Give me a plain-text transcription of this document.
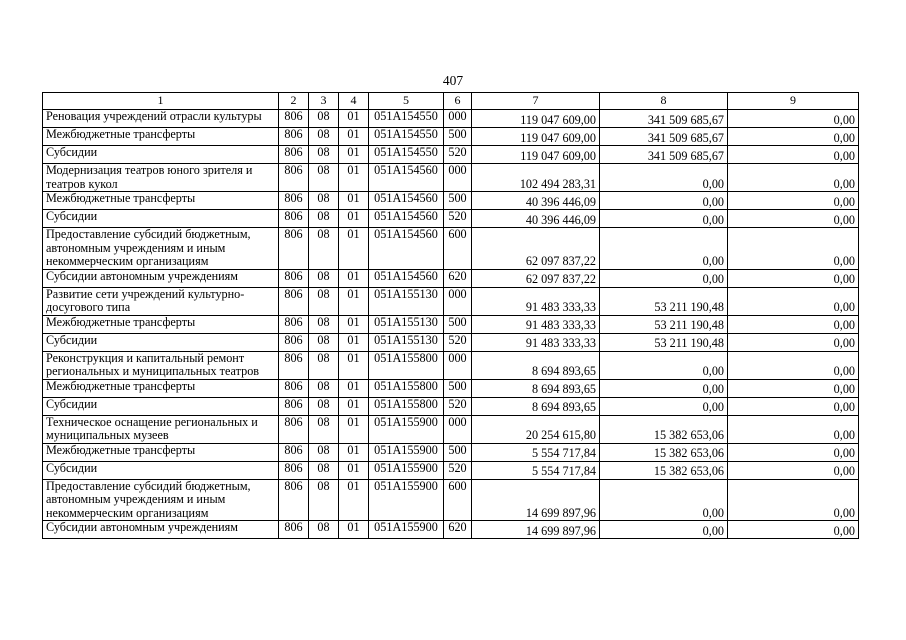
407
1	2	3	4	5	6	7	8	9
Реновация учреждений отрасли культуры	806	08	01	051A154550	000	119 047 609,00	341 509 685,67	0,00
Межбюджетные трансферты	806	08	01	051A154550	500	119 047 609,00	341 509 685,67	0,00
Субсидии	806	08	01	051A154550	520	119 047 609,00	341 509 685,67	0,00
Модернизация театров юного зрителя и театров кукол	806	08	01	051A154560	000	102 494 283,31	0,00	0,00
Межбюджетные трансферты	806	08	01	051A154560	500	40 396 446,09	0,00	0,00
Субсидии	806	08	01	051A154560	520	40 396 446,09	0,00	0,00
Предоставление субсидий бюджетным, автономным учреждениям и иным некоммерческим организациям	806	08	01	051A154560	600	62 097 837,22	0,00	0,00
Субсидии автономным учреждениям	806	08	01	051A154560	620	62 097 837,22	0,00	0,00
Развитие сети учреждений культурно-досугового типа	806	08	01	051A155130	000	91 483 333,33	53 211 190,48	0,00
Межбюджетные трансферты	806	08	01	051A155130	500	91 483 333,33	53 211 190,48	0,00
Субсидии	806	08	01	051A155130	520	91 483 333,33	53 211 190,48	0,00
Реконструкция и капитальный ремонт региональных и муниципальных театров	806	08	01	051A155800	000	8 694 893,65	0,00	0,00
Межбюджетные трансферты	806	08	01	051A155800	500	8 694 893,65	0,00	0,00
Субсидии	806	08	01	051A155800	520	8 694 893,65	0,00	0,00
Техническое оснащение региональных и муниципальных музеев	806	08	01	051A155900	000	20 254 615,80	15 382 653,06	0,00
Межбюджетные трансферты	806	08	01	051A155900	500	5 554 717,84	15 382 653,06	0,00
Субсидии	806	08	01	051A155900	520	5 554 717,84	15 382 653,06	0,00
Предоставление субсидий бюджетным, автономным учреждениям и иным некоммерческим организациям	806	08	01	051A155900	600	14 699 897,96	0,00	0,00
Субсидии автономным учреждениям	806	08	01	051A155900	620	14 699 897,96	0,00	0,00
